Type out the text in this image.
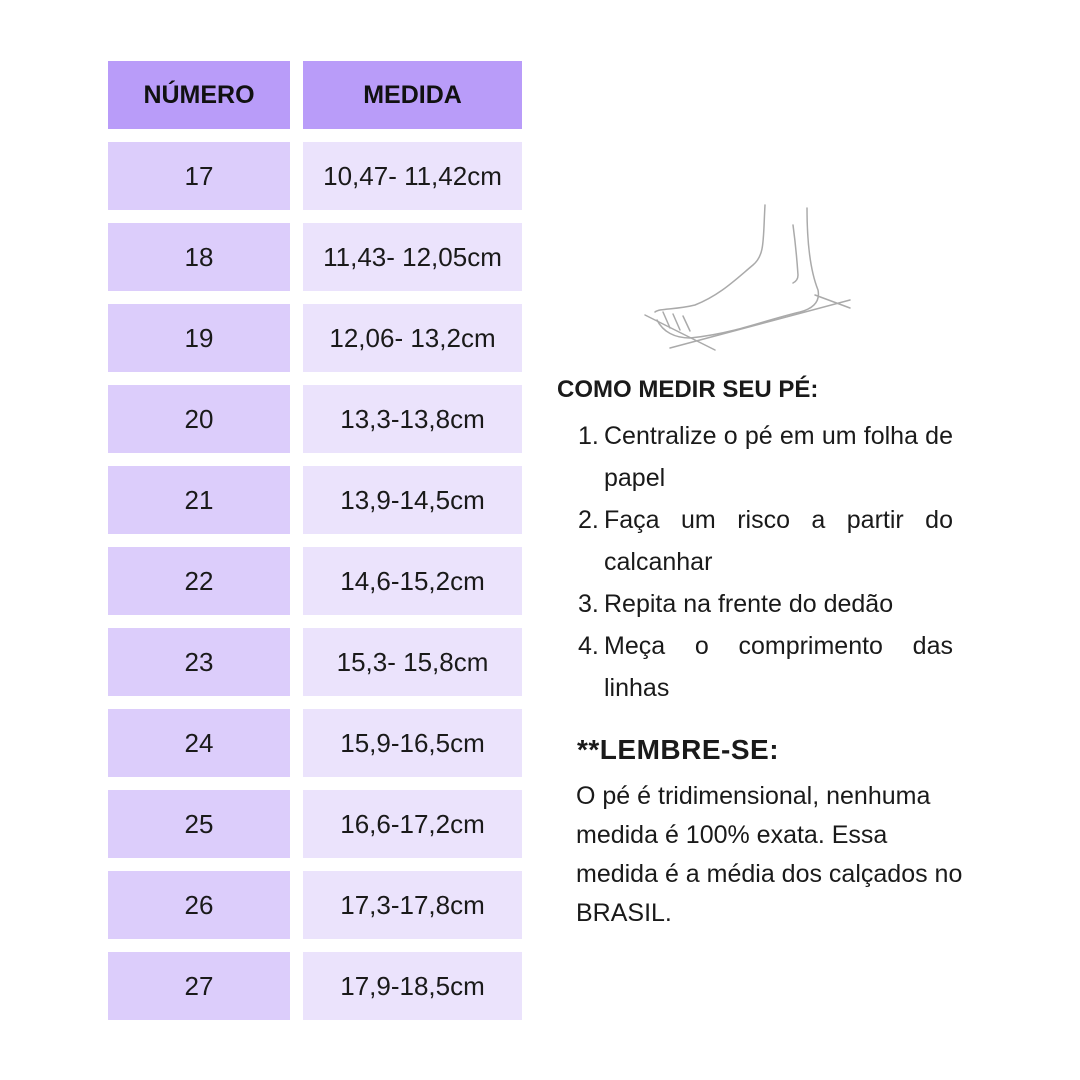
NÚMERO	MEDIDA
17	10,47- 11,42cm
18	11,43- 12,05cm
19	12,06- 13,2cm
20	13,3-13,8cm
21	13,9-14,5cm
22	14,6-15,2cm
23	15,3- 15,8cm
24	15,9-16,5cm
25	16,6-17,2cm
26	17,3-17,8cm
27	17,9-18,5cm
COMO MEDIR SEU PÉ:
1. Centralize o pé em um folha de papel
2. Faça um risco a partir do calcanhar
3. Repita na frente do dedão
4. Meça o comprimento das linhas
**LEMBRE-SE:
O pé é tridimensional, nenhuma medida é 100% exata. Essa medida é a média dos calçados no BRASIL.
